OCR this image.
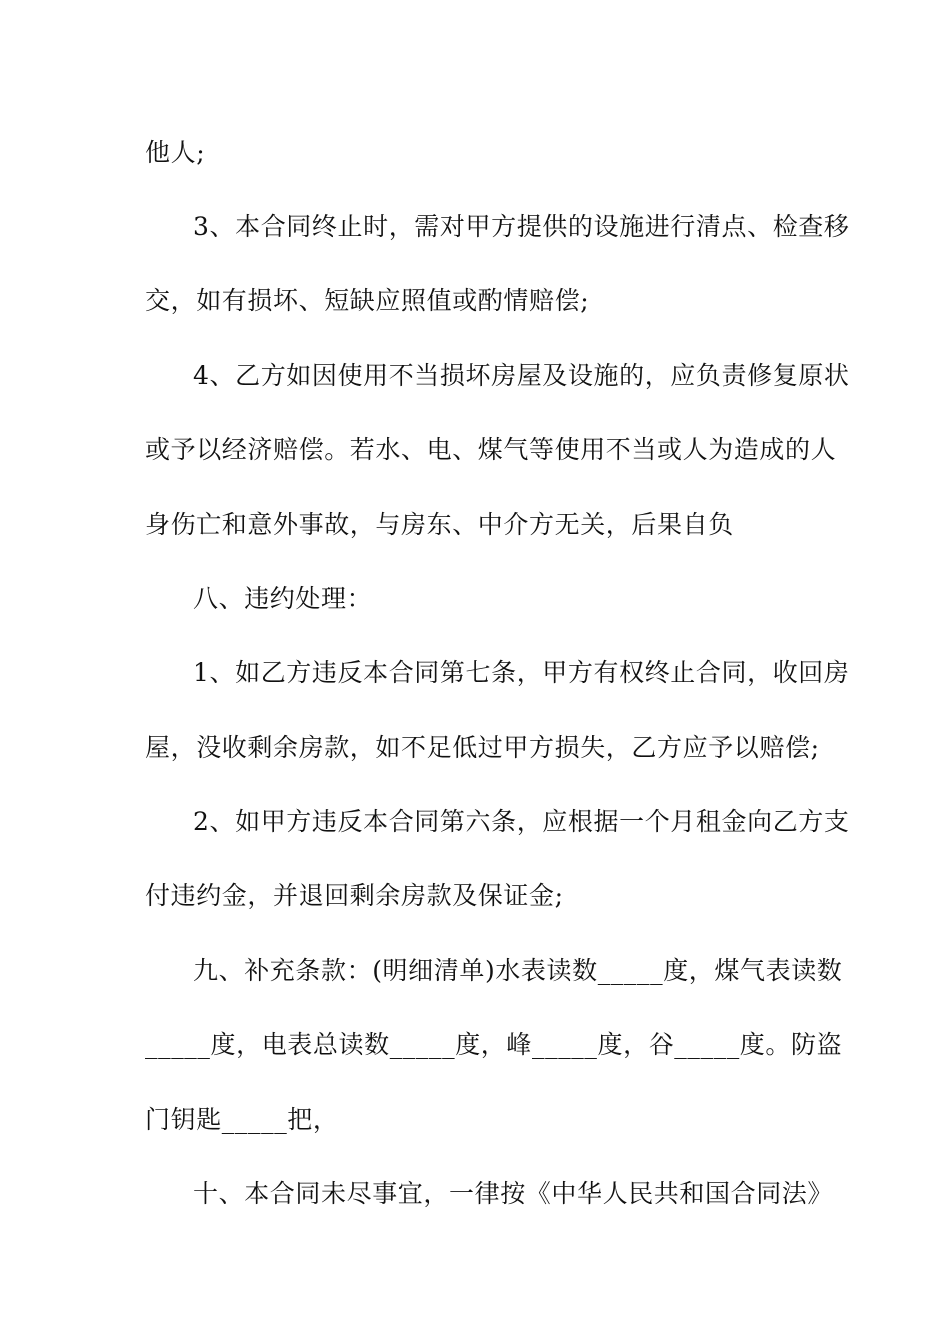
他人;
3、本合同终止时，需对甲方提供的设施进行清点、检查移
交，如有损坏、短缺应照值或酌情赔偿;
4、乙方如因使用不当损坏房屋及设施的，应负责修复原状
或予以经济赔偿。若水、电、煤气等使用不当或人为造成的人
身伤亡和意外事故，与房东、中介方无关，后果自负
八、违约处理：
1、如乙方违反本合同第七条，甲方有权终止合同，收回房
屋，没收剩余房款，如不足低过甲方损失，乙方应予以赔偿;
2、如甲方违反本合同第六条，应根据一个月租金向乙方支
付违约金，并退回剩余房款及保证金;
九、补充条款：(明细清单)水表读数_____度，煤气表读数
_____度，电表总读数_____度，峰_____度，谷_____度。防盗
门钥匙_____把，
十、本合同未尽事宜，一律按《中华人民共和国合同法》
